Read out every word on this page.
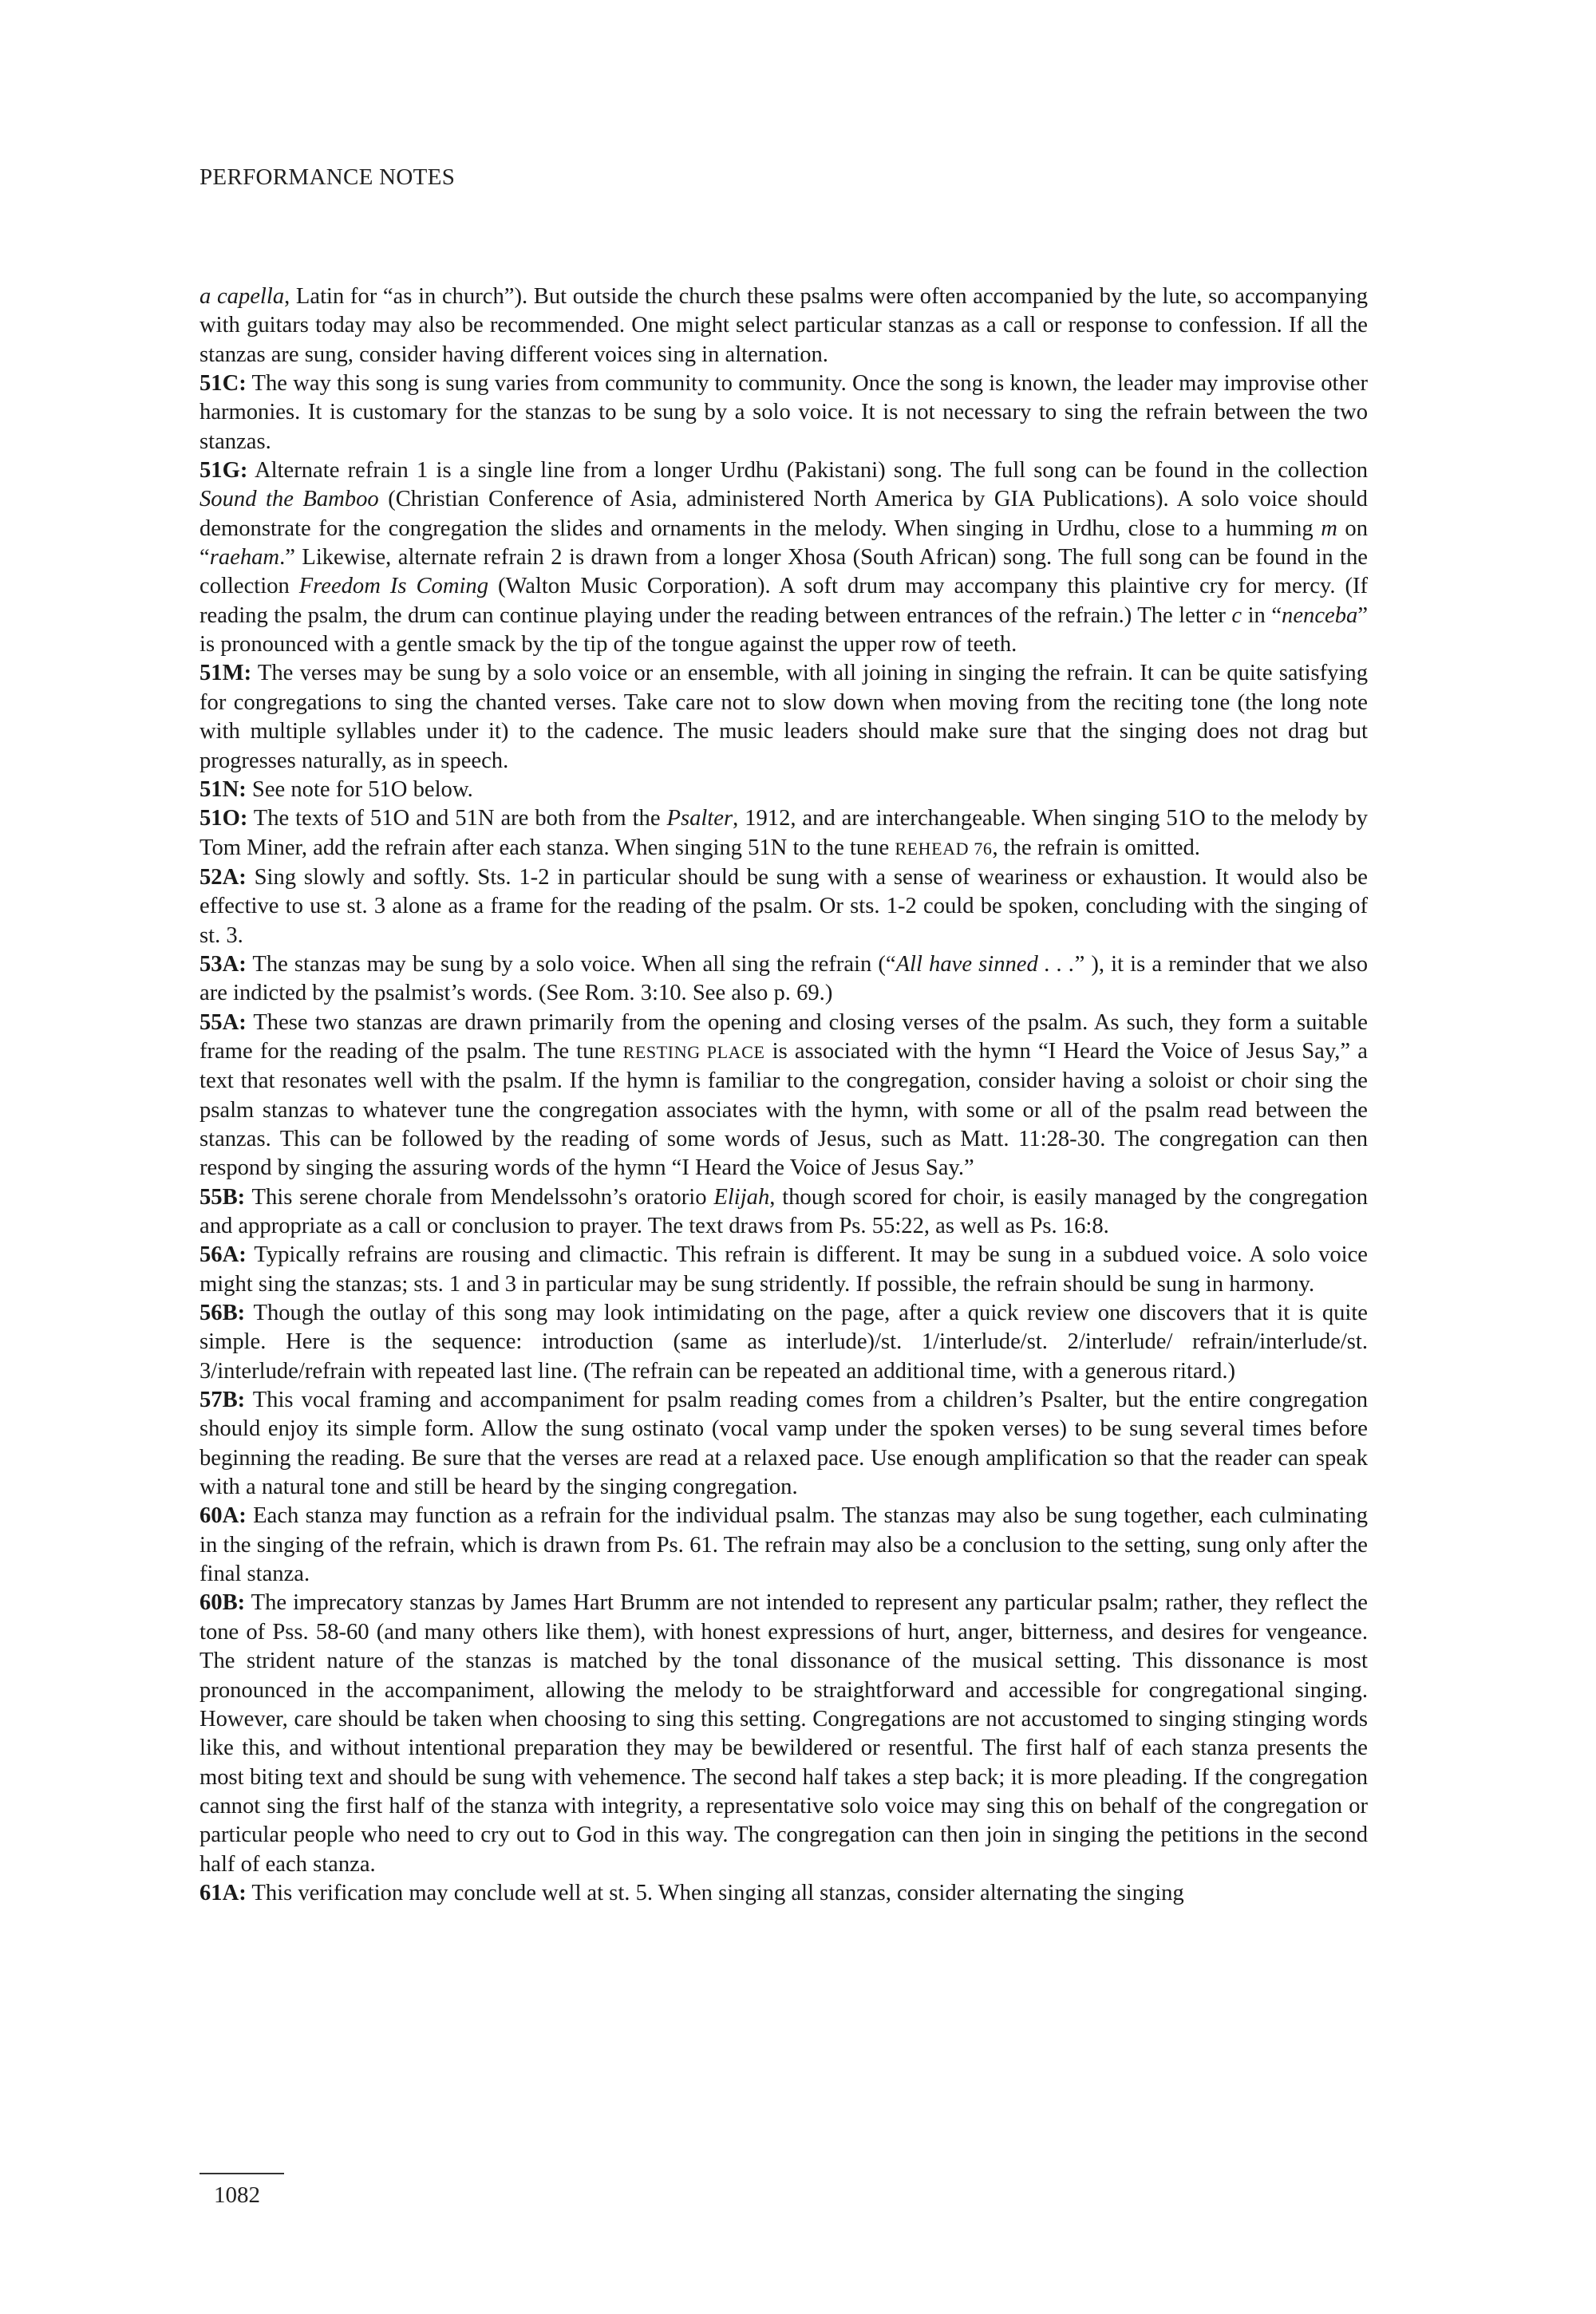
PERFORMANCE NOTES

a capella, Latin for “as in church”). But outside the church these psalms were often accompanied by the lute, so accompanying with guitars today may also be recommended. One might select particular stanzas as a call or response to confession. If all the stanzas are sung, consider having different voices sing in alternation.

51C: The way this song is sung varies from community to community. Once the song is known, the leader may improvise other harmonies. It is customary for the stanzas to be sung by a solo voice. It is not necessary to sing the refrain between the two stanzas.

51G: Alternate refrain 1 is a single line from a longer Urdhu (Pakistani) song. The full song can be found in the collection Sound the Bamboo (Christian Conference of Asia, administered North America by GIA Publications). A solo voice should demonstrate for the congregation the slides and ornaments in the melody. When singing in Urdhu, close to a humming m on “raeham.” Likewise, alternate refrain 2 is drawn from a longer Xhosa (South African) song. The full song can be found in the collection Freedom Is Coming (Walton Music Corporation). A soft drum may accompany this plaintive cry for mercy. (If reading the psalm, the drum can continue playing under the reading between entrances of the refrain.) The letter c in “nenceba” is pronounced with a gentle smack by the tip of the tongue against the upper row of teeth.

51M: The verses may be sung by a solo voice or an ensemble, with all joining in singing the refrain. It can be quite satisfying for congregations to sing the chanted verses. Take care not to slow down when moving from the reciting tone (the long note with multiple syllables under it) to the cadence. The music leaders should make sure that the singing does not drag but progresses naturally, as in speech.

51N: See note for 51O below.

51O: The texts of 51O and 51N are both from the Psalter, 1912, and are interchangeable. When singing 51O to the melody by Tom Miner, add the refrain after each stanza. When singing 51N to the tune REHEAD 76, the refrain is omitted.

52A: Sing slowly and softly. Sts. 1-2 in particular should be sung with a sense of weariness or exhaustion. It would also be effective to use st. 3 alone as a frame for the reading of the psalm. Or sts. 1-2 could be spoken, concluding with the singing of st. 3.

53A: The stanzas may be sung by a solo voice. When all sing the refrain (“All have sinned . . .” ), it is a reminder that we also are indicted by the psalmist’s words. (See Rom. 3:10. See also p. 69.)

55A: These two stanzas are drawn primarily from the opening and closing verses of the psalm. As such, they form a suitable frame for the reading of the psalm. The tune RESTING PLACE is associated with the hymn “I Heard the Voice of Jesus Say,” a text that resonates well with the psalm. If the hymn is familiar to the congregation, consider having a soloist or choir sing the psalm stanzas to whatever tune the congregation associates with the hymn, with some or all of the psalm read between the stanzas. This can be followed by the reading of some words of Jesus, such as Matt. 11:28-30. The congregation can then respond by singing the assuring words of the hymn “I Heard the Voice of Jesus Say.”

55B: This serene chorale from Mendelssohn’s oratorio Elijah, though scored for choir, is easily managed by the congregation and appropriate as a call or conclusion to prayer. The text draws from Ps. 55:22, as well as Ps. 16:8.

56A: Typically refrains are rousing and climactic. This refrain is different. It may be sung in a subdued voice. A solo voice might sing the stanzas; sts. 1 and 3 in particular may be sung stridently. If possible, the refrain should be sung in harmony.

56B: Though the outlay of this song may look intimidating on the page, after a quick review one discovers that it is quite simple. Here is the sequence: introduction (same as interlude)/st. 1/interlude/st. 2/interlude/ refrain/interlude/st. 3/interlude/refrain with repeated last line. (The refrain can be repeated an additional time, with a generous ritard.)

57B: This vocal framing and accompaniment for psalm reading comes from a children’s Psalter, but the entire congregation should enjoy its simple form. Allow the sung ostinato (vocal vamp under the spoken verses) to be sung several times before beginning the reading. Be sure that the verses are read at a relaxed pace. Use enough amplification so that the reader can speak with a natural tone and still be heard by the singing congregation.

60A: Each stanza may function as a refrain for the individual psalm. The stanzas may also be sung together, each culminating in the singing of the refrain, which is drawn from Ps. 61. The refrain may also be a conclusion to the setting, sung only after the final stanza.

60B: The imprecatory stanzas by James Hart Brumm are not intended to represent any particular psalm; rather, they reflect the tone of Pss. 58-60 (and many others like them), with honest expressions of hurt, anger, bitterness, and desires for vengeance. The strident nature of the stanzas is matched by the tonal dissonance of the musical setting. This dissonance is most pronounced in the accompaniment, allowing the melody to be straightforward and accessible for congregational singing. However, care should be taken when choosing to sing this setting. Congregations are not accustomed to singing stinging words like this, and without intentional preparation they may be bewildered or resentful. The first half of each stanza presents the most biting text and should be sung with vehemence. The second half takes a step back; it is more pleading. If the congregation cannot sing the first half of the stanza with integrity, a representative solo voice may sing this on behalf of the congregation or particular people who need to cry out to God in this way. The congregation can then join in singing the petitions in the second half of each stanza.

61A: This verification may conclude well at st. 5. When singing all stanzas, consider alternating the singing

1082
